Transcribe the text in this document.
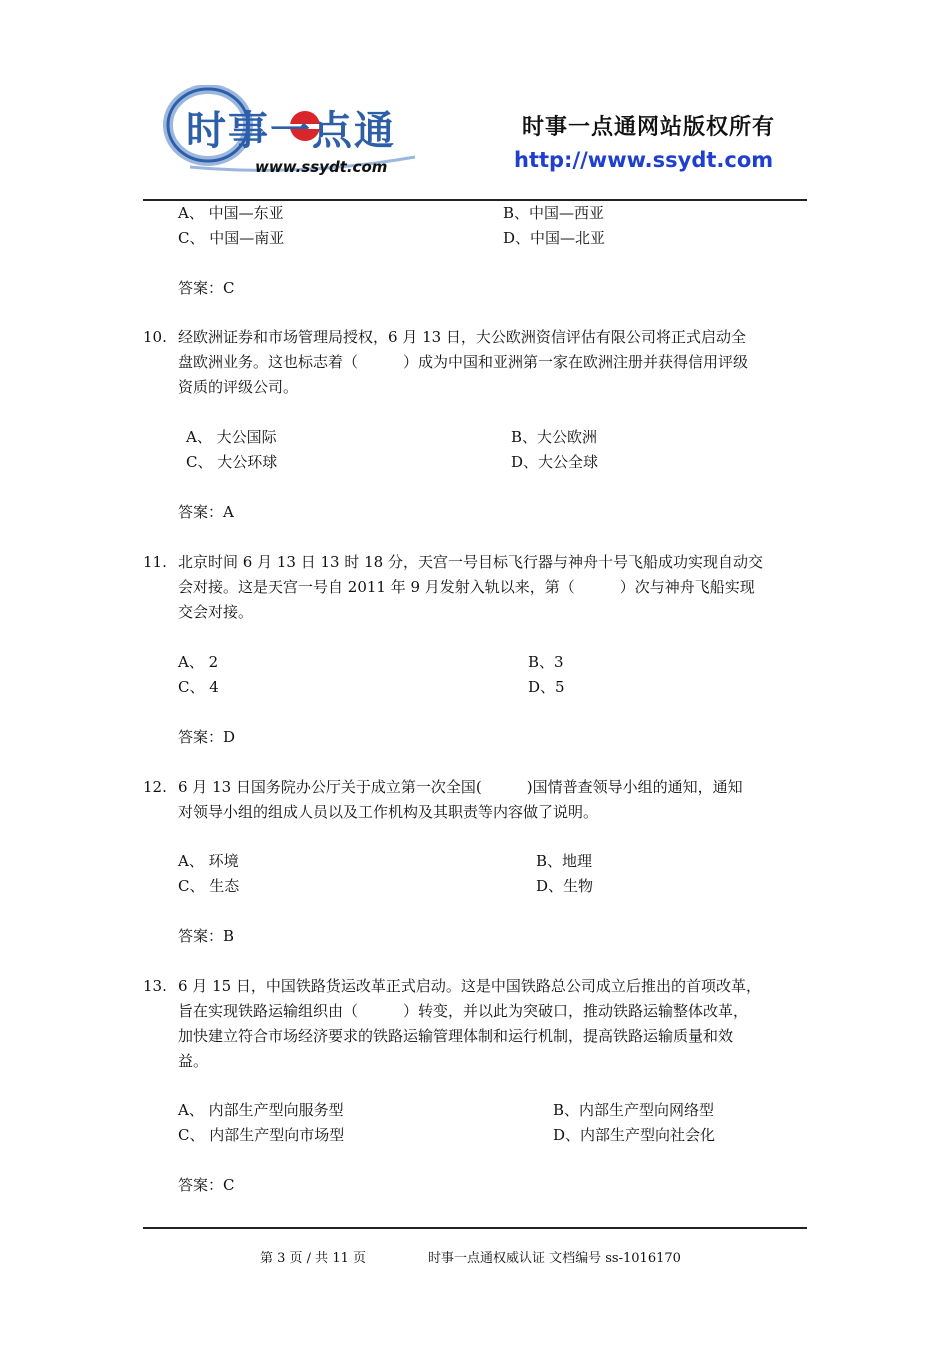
时事一点通
www.ssydt.com
时事一点通网站版权所有
http://www.ssydt.com
A、 中国—东亚	B、中国—西亚
C、 中国—南亚	D、中国—北亚
答案：C
10. 经欧洲证券和市场管理局授权，6 月 13 日，大公欧洲资信评估有限公司将正式启动全
盘欧洲业务。这也标志着（　　　）成为中国和亚洲第一家在欧洲注册并获得信用评级
资质的评级公司。
A、 大公国际	B、大公欧洲
C、 大公环球	D、大公全球
答案：A
11. 北京时间 6 月 13 日 13 时 18 分，天宫一号目标飞行器与神舟十号飞船成功实现自动交
会对接。这是天宫一号自 2011 年 9 月发射入轨以来，第（　　　）次与神舟飞船实现
交会对接。
A、 2	B、3
C、 4	D、5
答案：D
12. 6 月 13 日国务院办公厅关于成立第一次全国(　　　)国情普查领导小组的通知，通知
对领导小组的组成人员以及工作机构及其职责等内容做了说明。
A、 环境	B、地理
C、 生态	D、生物
答案：B
13. 6 月 15 日，中国铁路货运改革正式启动。这是中国铁路总公司成立后推出的首项改革，
旨在实现铁路运输组织由（　　　）转变，并以此为突破口，推动铁路运输整体改革，
加快建立符合市场经济要求的铁路运输管理体制和运行机制，提高铁路运输质量和效
益。
A、 内部生产型向服务型	B、内部生产型向网络型
C、 内部生产型向市场型	D、内部生产型向社会化
答案：C
第 3 页 / 共 11 页	时事一点通权威认证 文档编号 ss-1016170
